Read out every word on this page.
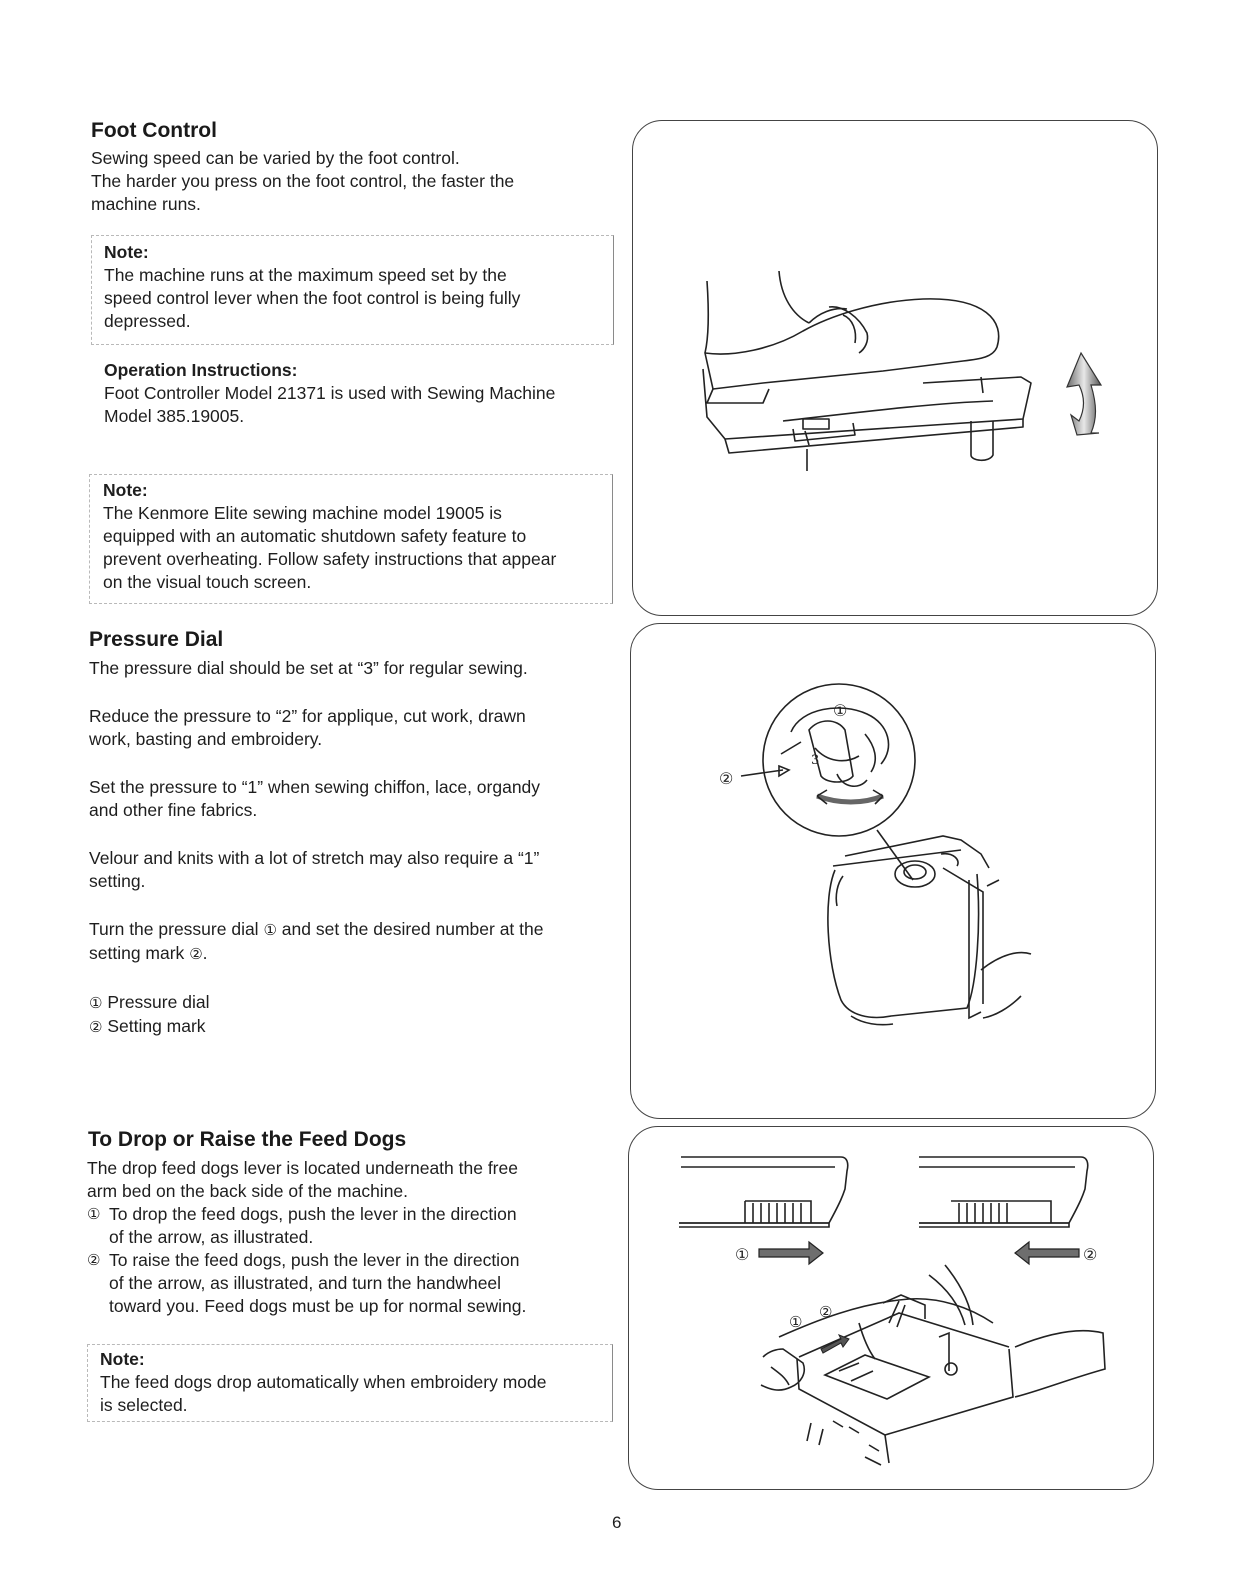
Foot Control

Sewing speed can be varied by the foot control.

The harder you press on the foot control, the faster the

machine runs.

Note:

The machine runs at the maximum speed set by the

speed control lever when the foot control is being fully

depressed.

Operation Instructions:

Foot Controller Model 21371 is used with Sewing Machine

Model 385.19005.

Note:

The Kenmore Elite sewing machine model 19005 is

equipped with an automatic shutdown safety feature to

prevent overheating. Follow safety instructions that appear

on the visual touch screen.

Pressure Dial

The pressure dial should be set at “3” for regular sewing.

Reduce the pressure to “2” for applique, cut work, drawn

work, basting and embroidery.

Set the pressure to “1” when sewing chiffon, lace, organdy

and other fine fabrics.

Velour and knits with a lot of stretch may also require a “1”

setting.

Turn the pressure dial ① and set the desired number at the

setting mark ②.

① Pressure dial

② Setting mark

①
②
3
To Drop or Raise the Feed Dogs

The drop feed dogs lever is located underneath the free

arm bed on the back side of the machine.

① To drop the feed dogs, push the lever in the direction

of the arrow, as illustrated.

② To raise the feed dogs, push the lever in the direction

of the arrow, as illustrated, and turn the handwheel

toward you. Feed dogs must be up for normal sewing.

Note:

The feed dogs drop automatically when embroidery mode

is selected.

①	②
①
②
6
